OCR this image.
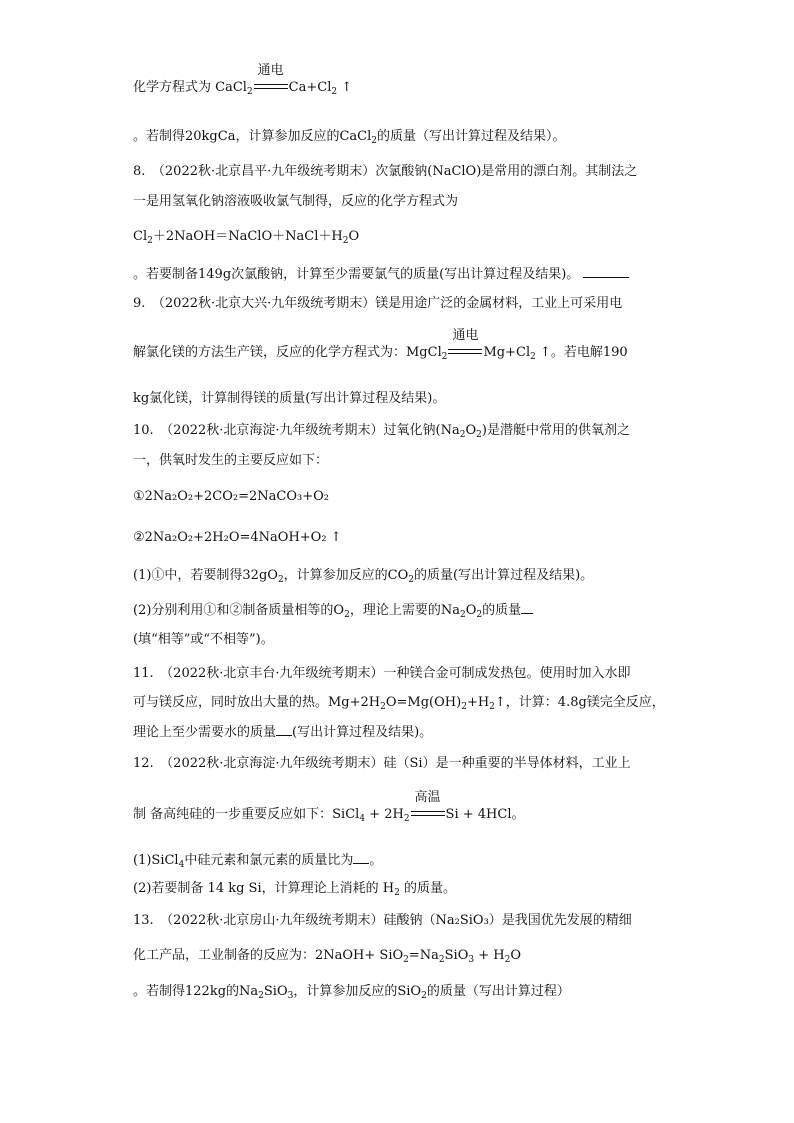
化学方程式为 CaCl$_2$
通电
$Ca+Cl_2$ ↑
。若制得20kgCa，计算参加反应的CaCl$_2$的质量（写出计算过程及结果）。
8.　（2022秋·北京昌平·九年级统考期末）次氯酸钠(NaClO)是常用的漂白剂。其制法之
一是用氢氧化钠溶液吸收氯气制得，反应的化学方程式为
$Cl_2+2NaOH=NaClO+NaCl+H_2O$
。若要制备149g次氯酸钠，计算至少需要氯气的质量(写出计算过程及结果)。
9.　（2022秋·北京大兴·九年级统考期末）镁是用途广泛的金属材料，工业上可采用电
解氯化镁的方法生产镁，反应的化学方程式为：MgCl$_2$
通电
$Mg+Cl_2$ ↑。若电解190
kg氯化镁，计算制得镁的质量(写出计算过程及结果)。
10.　（2022秋·北京海淀·九年级统考期末）过氧化钠$(Na_2O_2)$是潜艇中常用的供氧剂之
一，供氧时发生的主要反应如下：
①2Na₂O₂+2CO₂=2NaCO₃+O₂
②2Na₂O₂+2H₂O=4NaOH+O₂ ↑
(1)①中，若要制得$32gO_2$，计算参加反应的$CO_2$的质量(写出计算过程及结果)。
(2)分别利用①和②制备质量相等的$O_2$，理论上需要的$Na_2O_2$的质量
(填“相等”或“不相等”)。
11.　（2022秋·北京丰台·九年级统考期末）一种镁合金可制成发热包。使用时加入水即
可与镁反应，同时放出大量的热。$Mg+2H_2O=Mg(OH)_2+H_2↑$，计算：4.8g镁完全反应，
理论上至少需要水的质量 (写出计算过程及结果)。
12.　（2022秋·北京海淀·九年级统考期末）硅（Si）是一种重要的半导体材料，工业上
制 备高纯硅的一步重要反应如下：SiCl$_4$ + $2H_2$
高温
Si + 4HCl。
(1)SiCl$_4$中硅元素和氯元素的质量比为 。
(2)若要制备 14 kg Si，计算理论上消耗的 $H_2$ 的质量。
13.　（2022秋·北京房山·九年级统考期末）硅酸钠（Na₂SiO₃）是我国优先发展的精细
化工产品，工业制备的反应为：2NaOH+ $SiO_2=Na_2SiO_3 + H_2O$
。若制得122kg的$Na_2SiO_3$，计算参加反应的SiO$_2$的质量（写出计算过程）
